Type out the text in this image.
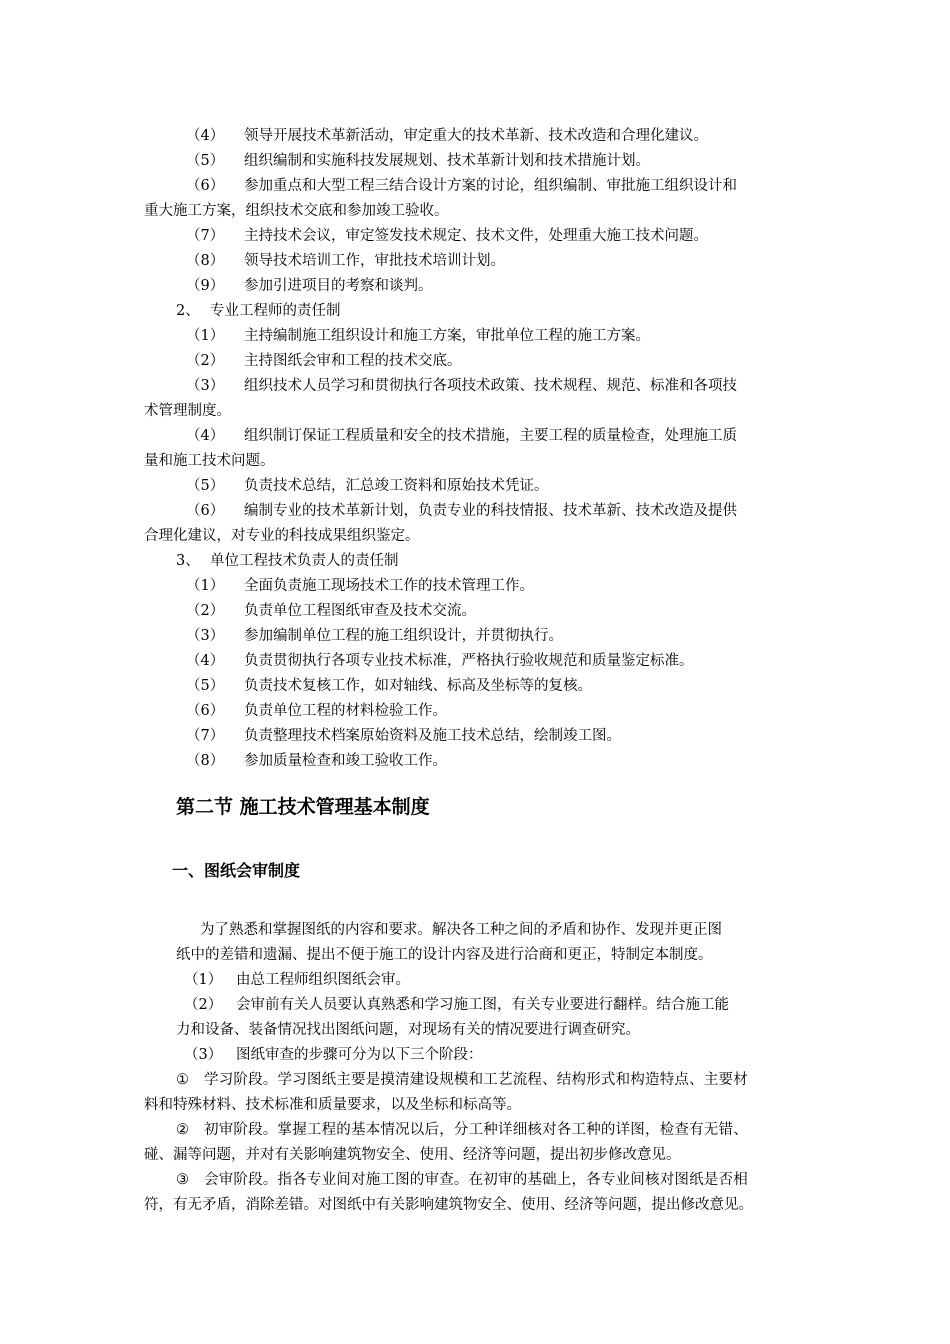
（4） 领导开展技术革新活动，审定重大的技术革新、技术改造和合理化建议。
（5） 组织编制和实施科技发展规划、技术革新计划和技术措施计划。
（6） 参加重点和大型工程三结合设计方案的讨论，组织编制、审批施工组织设计和
重大施工方案，组织技术交底和参加竣工验收。
（7） 主持技术会议，审定签发技术规定、技术文件，处理重大施工技术问题。
（8） 领导技术培训工作，审批技术培训计划。
（9） 参加引进项目的考察和谈判。
2、 专业工程师的责任制
（1） 主持编制施工组织设计和施工方案，审批单位工程的施工方案。
（2） 主持图纸会审和工程的技术交底。
（3） 组织技术人员学习和贯彻执行各项技术政策、技术规程、规范、标准和各项技
术管理制度。
（4） 组织制订保证工程质量和安全的技术措施，主要工程的质量检查，处理施工质
量和施工技术问题。
（5） 负责技术总结，汇总竣工资料和原始技术凭证。
（6） 编制专业的技术革新计划，负责专业的科技情报、技术革新、技术改造及提供
合理化建议，对专业的科技成果组织鉴定。
3、 单位工程技术负责人的责任制
（1） 全面负责施工现场技术工作的技术管理工作。
（2） 负责单位工程图纸审查及技术交流。
（3） 参加编制单位工程的施工组织设计，并贯彻执行。
（4） 负责贯彻执行各项专业技术标准，严格执行验收规范和质量鉴定标准。
（5） 负责技术复核工作，如对轴线、标高及坐标等的复核。
（6） 负责单位工程的材料检验工作。
（7） 负责整理技术档案原始资料及施工技术总结，绘制竣工图。
（8） 参加质量检查和竣工验收工作。
第二节 施工技术管理基本制度
一、图纸会审制度
为了熟悉和掌握图纸的内容和要求。解决各工种之间的矛盾和协作、发现并更正图
纸中的差错和遗漏、提出不便于施工的设计内容及进行洽商和更正，特制定本制度。
（1） 由总工程师组织图纸会审。
（2） 会审前有关人员要认真熟悉和学习施工图，有关专业要进行翻样。结合施工能
力和设备、装备情况找出图纸问题，对现场有关的情况要进行调查研究。
（3） 图纸审查的步骤可分为以下三个阶段：
① 学习阶段。学习图纸主要是摸清建设规模和工艺流程、结构形式和构造特点、主要材
料和特殊材料、技术标准和质量要求，以及坐标和标高等。
② 初审阶段。掌握工程的基本情况以后，分工种详细核对各工种的详图，检查有无错、
碰、漏等问题，并对有关影响建筑物安全、使用、经济等问题，提出初步修改意见。
③ 会审阶段。指各专业间对施工图的审查。在初审的基础上，各专业间核对图纸是否相
符，有无矛盾，消除差错。对图纸中有关影响建筑物安全、使用、经济等问题，提出修改意见。
